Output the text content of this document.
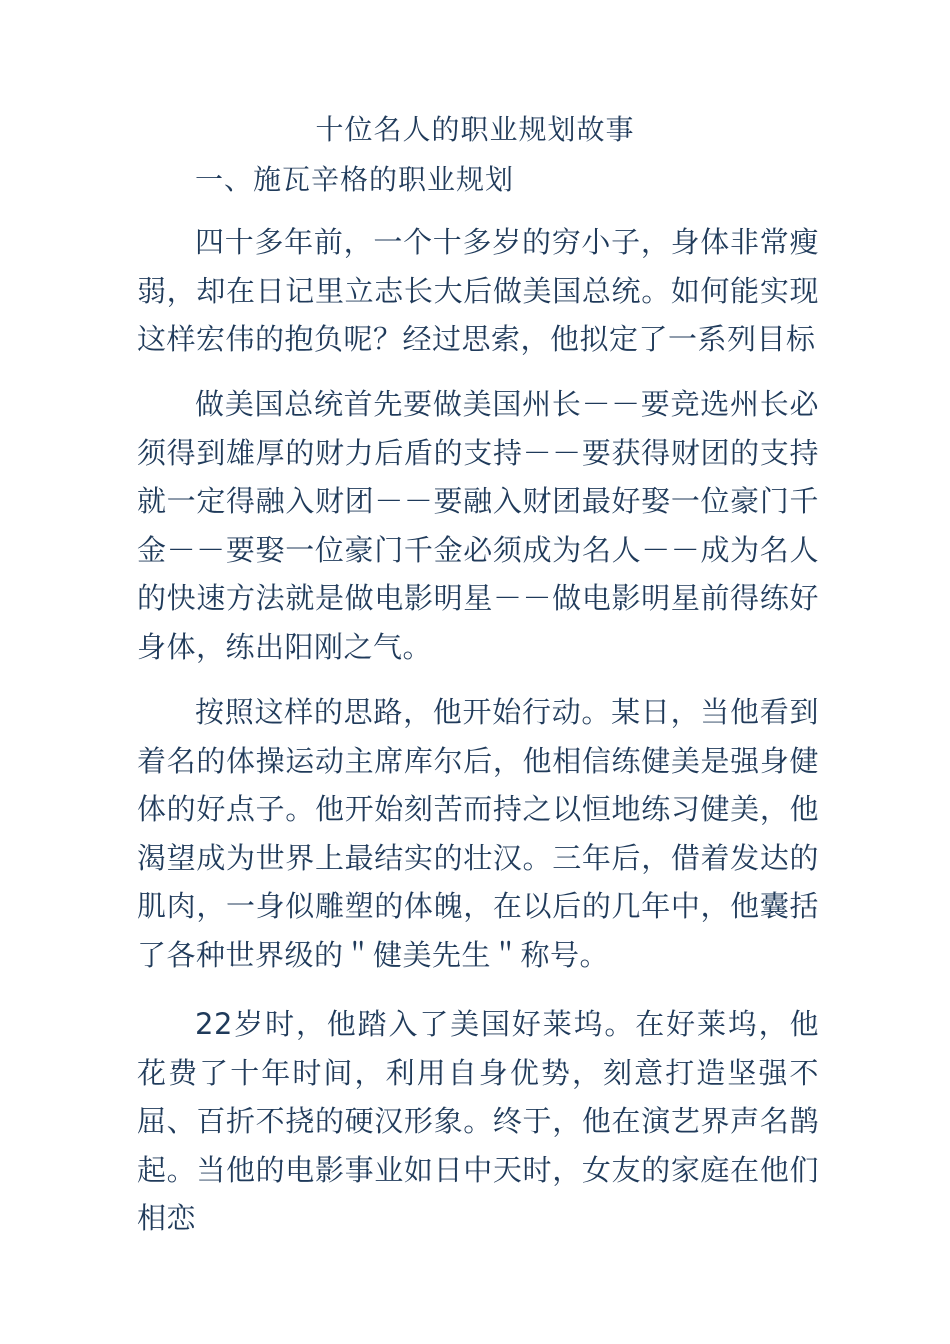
十位名人的职业规划故事
一、施瓦辛格的职业规划

四十多年前，一个十多岁的穷小子，身体非常瘦弱，却在日记里立志长大后做美国总统。如何能实现这样宏伟的抱负呢？经过思索，他拟定了一系列目标

做美国总统首先要做美国州长－－要竞选州长必须得到雄厚的财力后盾的支持－－要获得财团的支持就一定得融入财团－－要融入财团最好娶一位豪门千金－－要娶一位豪门千金必须成为名人－－成为名人的快速方法就是做电影明星－－做电影明星前得练好身体，练出阳刚之气。

按照这样的思路，他开始行动。某日，当他看到着名的体操运动主席库尔后，他相信练健美是强身健体的好点子。他开始刻苦而持之以恒地练习健美，他渴望成为世界上最结实的壮汉。三年后，借着发达的肌肉，一身似雕塑的体魄，在以后的几年中，他囊括了各种世界级的＂健美先生＂称号。

22岁时，他踏入了美国好莱坞。在好莱坞，他花费了十年时间，利用自身优势，刻意打造坚强不屈、百折不挠的硬汉形象。终于，他在演艺界声名鹊起。当他的电影事业如日中天时，女友的家庭在他们相恋
